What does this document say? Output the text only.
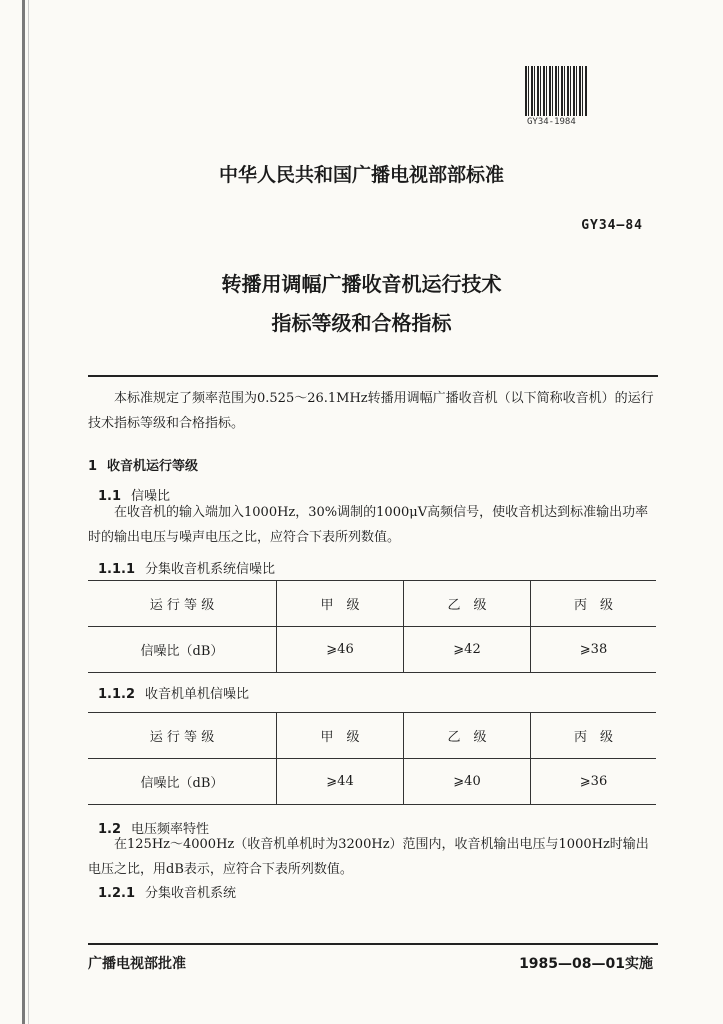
GY34-1984
中华人民共和国广播电视部部标准
GY34—84
转播用调幅广播收音机运行技术
指标等级和合格指标

本标准规定了频率范围为0.525～26.1MHz转播用调幅广播收音机（以下简称收音机）的运行技术指标等级和合格指标。

1 收音机运行等级
1.1 信噪比

在收音机的输入端加入1000Hz，30%调制的1000μV高频信号，使收音机达到标准输出功率时的输出电压与噪声电压之比，应符合下表所列数值。

1.1.1 分集收音机系统信噪比
运 行 等 级	甲　级	乙　级	丙　级
信噪比（dB）	⩾46	⩾42	⩾38
1.1.2 收音机单机信噪比
运 行 等 级	甲　级	乙　级	丙　级
信噪比（dB）	⩾44	⩾40	⩾36
1.2 电压频率特性

在125Hz～4000Hz（收音机单机时为3200Hz）范围内，收音机输出电压与1000Hz时输出电压之比，用dB表示，应符合下表所列数值。

1.2.1 分集收音机系统
广播电视部批准	1985—08—01实施
